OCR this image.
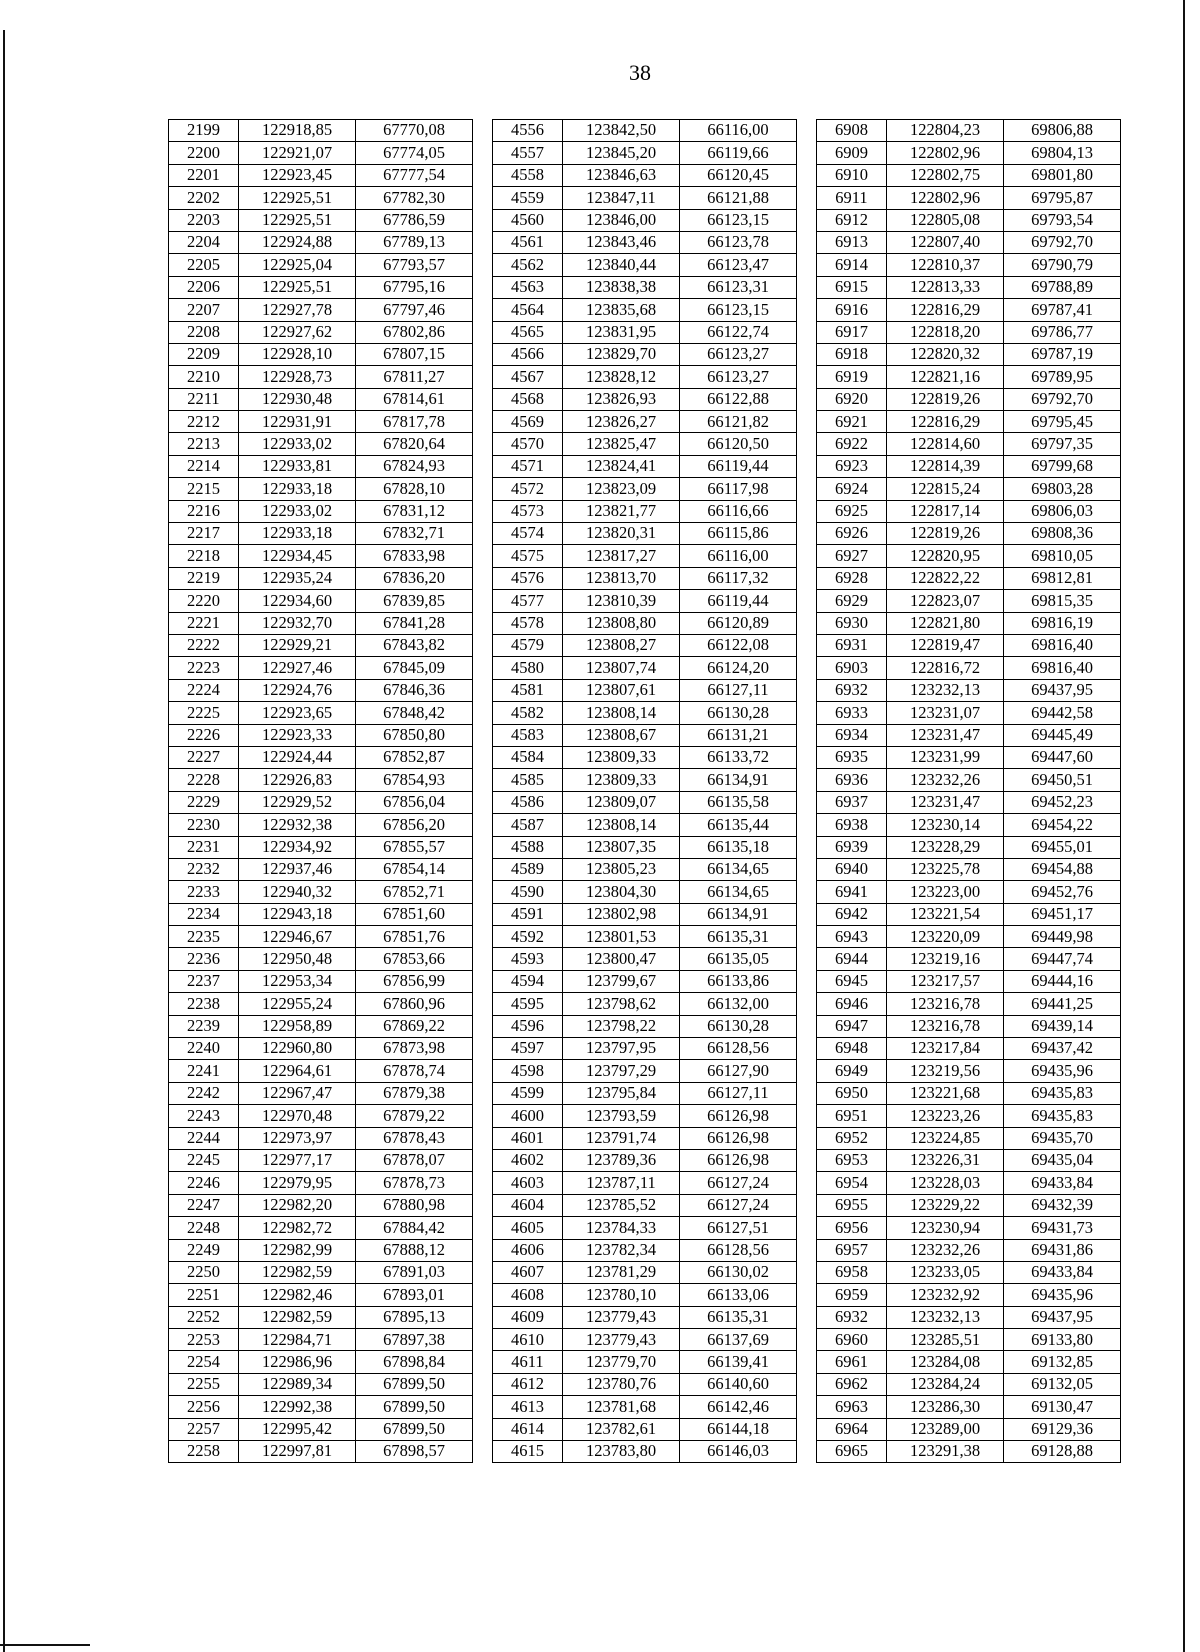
38
2199	122918,85	67770,08		4556	123842,50	66116,00		6908	122804,23	69806,88
2200	122921,07	67774,05		4557	123845,20	66119,66		6909	122802,96	69804,13
2201	122923,45	67777,54		4558	123846,63	66120,45		6910	122802,75	69801,80
2202	122925,51	67782,30		4559	123847,11	66121,88		6911	122802,96	69795,87
2203	122925,51	67786,59		4560	123846,00	66123,15		6912	122805,08	69793,54
2204	122924,88	67789,13		4561	123843,46	66123,78		6913	122807,40	69792,70
2205	122925,04	67793,57		4562	123840,44	66123,47		6914	122810,37	69790,79
2206	122925,51	67795,16		4563	123838,38	66123,31		6915	122813,33	69788,89
2207	122927,78	67797,46		4564	123835,68	66123,15		6916	122816,29	69787,41
2208	122927,62	67802,86		4565	123831,95	66122,74		6917	122818,20	69786,77
2209	122928,10	67807,15		4566	123829,70	66123,27		6918	122820,32	69787,19
2210	122928,73	67811,27		4567	123828,12	66123,27		6919	122821,16	69789,95
2211	122930,48	67814,61		4568	123826,93	66122,88		6920	122819,26	69792,70
2212	122931,91	67817,78		4569	123826,27	66121,82		6921	122816,29	69795,45
2213	122933,02	67820,64		4570	123825,47	66120,50		6922	122814,60	69797,35
2214	122933,81	67824,93		4571	123824,41	66119,44		6923	122814,39	69799,68
2215	122933,18	67828,10		4572	123823,09	66117,98		6924	122815,24	69803,28
2216	122933,02	67831,12		4573	123821,77	66116,66		6925	122817,14	69806,03
2217	122933,18	67832,71		4574	123820,31	66115,86		6926	122819,26	69808,36
2218	122934,45	67833,98		4575	123817,27	66116,00		6927	122820,95	69810,05
2219	122935,24	67836,20		4576	123813,70	66117,32		6928	122822,22	69812,81
2220	122934,60	67839,85		4577	123810,39	66119,44		6929	122823,07	69815,35
2221	122932,70	67841,28		4578	123808,80	66120,89		6930	122821,80	69816,19
2222	122929,21	67843,82		4579	123808,27	66122,08		6931	122819,47	69816,40
2223	122927,46	67845,09		4580	123807,74	66124,20		6903	122816,72	69816,40
2224	122924,76	67846,36		4581	123807,61	66127,11		6932	123232,13	69437,95
2225	122923,65	67848,42		4582	123808,14	66130,28		6933	123231,07	69442,58
2226	122923,33	67850,80		4583	123808,67	66131,21		6934	123231,47	69445,49
2227	122924,44	67852,87		4584	123809,33	66133,72		6935	123231,99	69447,60
2228	122926,83	67854,93		4585	123809,33	66134,91		6936	123232,26	69450,51
2229	122929,52	67856,04		4586	123809,07	66135,58		6937	123231,47	69452,23
2230	122932,38	67856,20		4587	123808,14	66135,44		6938	123230,14	69454,22
2231	122934,92	67855,57		4588	123807,35	66135,18		6939	123228,29	69455,01
2232	122937,46	67854,14		4589	123805,23	66134,65		6940	123225,78	69454,88
2233	122940,32	67852,71		4590	123804,30	66134,65		6941	123223,00	69452,76
2234	122943,18	67851,60		4591	123802,98	66134,91		6942	123221,54	69451,17
2235	122946,67	67851,76		4592	123801,53	66135,31		6943	123220,09	69449,98
2236	122950,48	67853,66		4593	123800,47	66135,05		6944	123219,16	69447,74
2237	122953,34	67856,99		4594	123799,67	66133,86		6945	123217,57	69444,16
2238	122955,24	67860,96		4595	123798,62	66132,00		6946	123216,78	69441,25
2239	122958,89	67869,22		4596	123798,22	66130,28		6947	123216,78	69439,14
2240	122960,80	67873,98		4597	123797,95	66128,56		6948	123217,84	69437,42
2241	122964,61	67878,74		4598	123797,29	66127,90		6949	123219,56	69435,96
2242	122967,47	67879,38		4599	123795,84	66127,11		6950	123221,68	69435,83
2243	122970,48	67879,22		4600	123793,59	66126,98		6951	123223,26	69435,83
2244	122973,97	67878,43		4601	123791,74	66126,98		6952	123224,85	69435,70
2245	122977,17	67878,07		4602	123789,36	66126,98		6953	123226,31	69435,04
2246	122979,95	67878,73		4603	123787,11	66127,24		6954	123228,03	69433,84
2247	122982,20	67880,98		4604	123785,52	66127,24		6955	123229,22	69432,39
2248	122982,72	67884,42		4605	123784,33	66127,51		6956	123230,94	69431,73
2249	122982,99	67888,12		4606	123782,34	66128,56		6957	123232,26	69431,86
2250	122982,59	67891,03		4607	123781,29	66130,02		6958	123233,05	69433,84
2251	122982,46	67893,01		4608	123780,10	66133,06		6959	123232,92	69435,96
2252	122982,59	67895,13		4609	123779,43	66135,31		6932	123232,13	69437,95
2253	122984,71	67897,38		4610	123779,43	66137,69		6960	123285,51	69133,80
2254	122986,96	67898,84		4611	123779,70	66139,41		6961	123284,08	69132,85
2255	122989,34	67899,50		4612	123780,76	66140,60		6962	123284,24	69132,05
2256	122992,38	67899,50		4613	123781,68	66142,46		6963	123286,30	69130,47
2257	122995,42	67899,50		4614	123782,61	66144,18		6964	123289,00	69129,36
2258	122997,81	67898,57		4615	123783,80	66146,03		6965	123291,38	69128,88
